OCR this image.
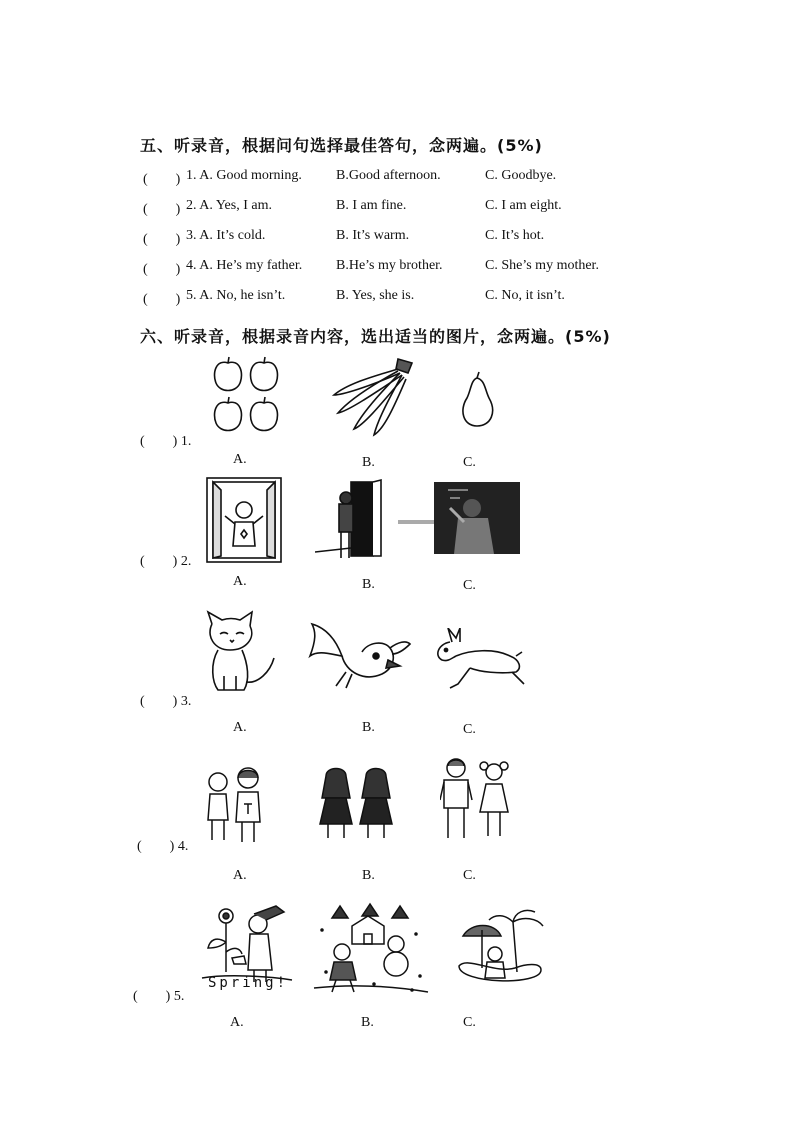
五、听录音，根据问句选择最佳答句，念两遍。(5%)
(　　) 1. A. Good morning. B.Good afternoon.	C. Goodbye.
(　　) 2. A. Yes, I am.	B. I am fine.	C. I am eight.
(　　) 3. A. It’s cold.	B. It’s warm.	C. It’s hot.
(　　) 4. A. He’s my father. B.He’s my brother.	C. She’s my mother.
(　　) 5. A. No, he isn’t.	B. Yes, she is.	C. No, it isn’t.
六、听录音，根据录音内容，选出适当的图片，念两遍。(5%)
(　　) 1.
A.	B.	C.
(　　) 2.
A.	B.	C.
(　　) 3.
A.	B.	C.
(　　) 4.
A.	B.	C.
(　　) 5.
Spring!
A.	B.	C.
